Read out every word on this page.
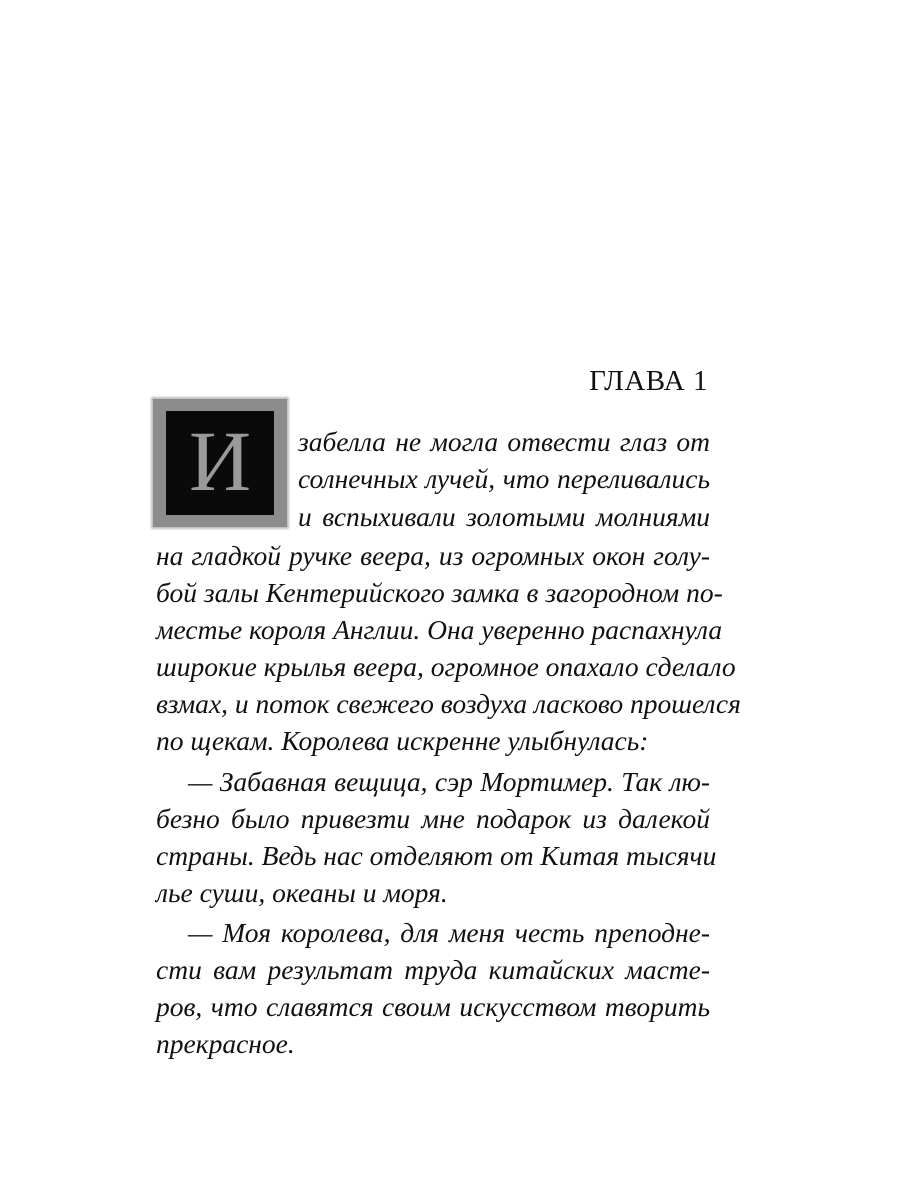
ГЛАВА 1
И забелла не могла отвести глаз от
солнечных лучей, что переливались
и вспыхивали золотыми молниями
на гладкой ручке веера, из огромных окон голу-
бой залы Кентерийского замка в загородном по-
местье короля Англии. Она уверенно распахнула
широкие крылья веера, огромное опахало сделало
взмах, и поток свежего воздуха ласково прошелся
по щекам. Королева искренне улыбнулась:
— Забавная вещица, сэр Мортимер. Так лю-
безно было привезти мне подарок из далекой
страны. Ведь нас отделяют от Китая тысячи
лье суши, океаны и моря.
— Моя королева, для меня честь преподне-
сти вам результат труда китайских масте-
ров, что славятся своим искусством творить
прекрасное.
